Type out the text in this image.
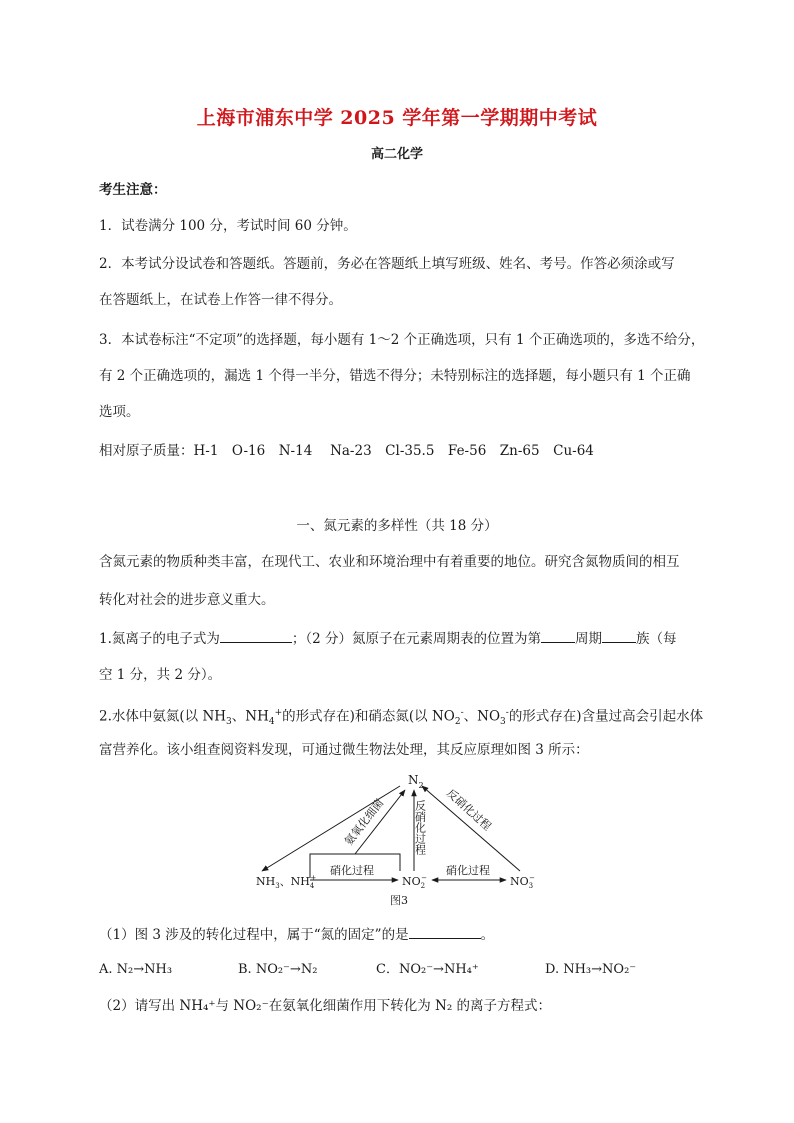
上海市浦东中学 2025 学年第一学期期中考试
高二化学
考生注意：
1．试卷满分 100 分，考试时间 60 分钟。
2．本考试分设试卷和答题纸。答题前，务必在答题纸上填写班级、姓名、考号。作答必须涂或写
在答题纸上，在试卷上作答一律不得分。
3．本试卷标注“不定项”的选择题，每小题有 1～2 个正确选项，只有 1 个正确选项的，多选不给分，
有 2 个正确选项的，漏选 1 个得一半分，错选不得分；未特别标注的选择题，每小题只有 1 个正确
选项。
相对原子质量：H-1　O-16　N-14　 Na-23　Cl-35.5　Fe-56　Zn-65　Cu-64
一、氮元素的多样性（共 18 分）
含氮元素的物质种类丰富，在现代工、农业和环境治理中有着重要的地位。研究含氮物质间的相互
转化对社会的进步意义重大。
1.氮离子的电子式为	；（2 分）氮原子在元素周期表的位置为第	周期	族（每
空 1 分，共 2 分）。
2.水体中氨氮(以 $NH_3$、$NH_4^+$的形式存在)和硝态氮(以 $NO_2^-$、$NO_3^-$的形式存在)含量过高会引起水体
富营养化。该小组查阅资料发现，可通过微生物法处理，其反应原理如图 3 所示：
$N_2$
$NH_3$、$NH_4+$	$NO_2-$	$NO_3-$
氨氧化细菌 反硝化过程 反硝化过程
硝化过程	硝化过程
图3
（1）图 3 涉及的转化过程中，属于“氮的固定”的是	。
A. N₂→NH₃	B. NO₂⁻→N₂	C．NO₂⁻→NH₄⁺	D. NH₃→NO₂⁻
（2）请写出 NH₄⁺与 NO₂⁻在氨氧化细菌作用下转化为 N₂ 的离子方程式：
